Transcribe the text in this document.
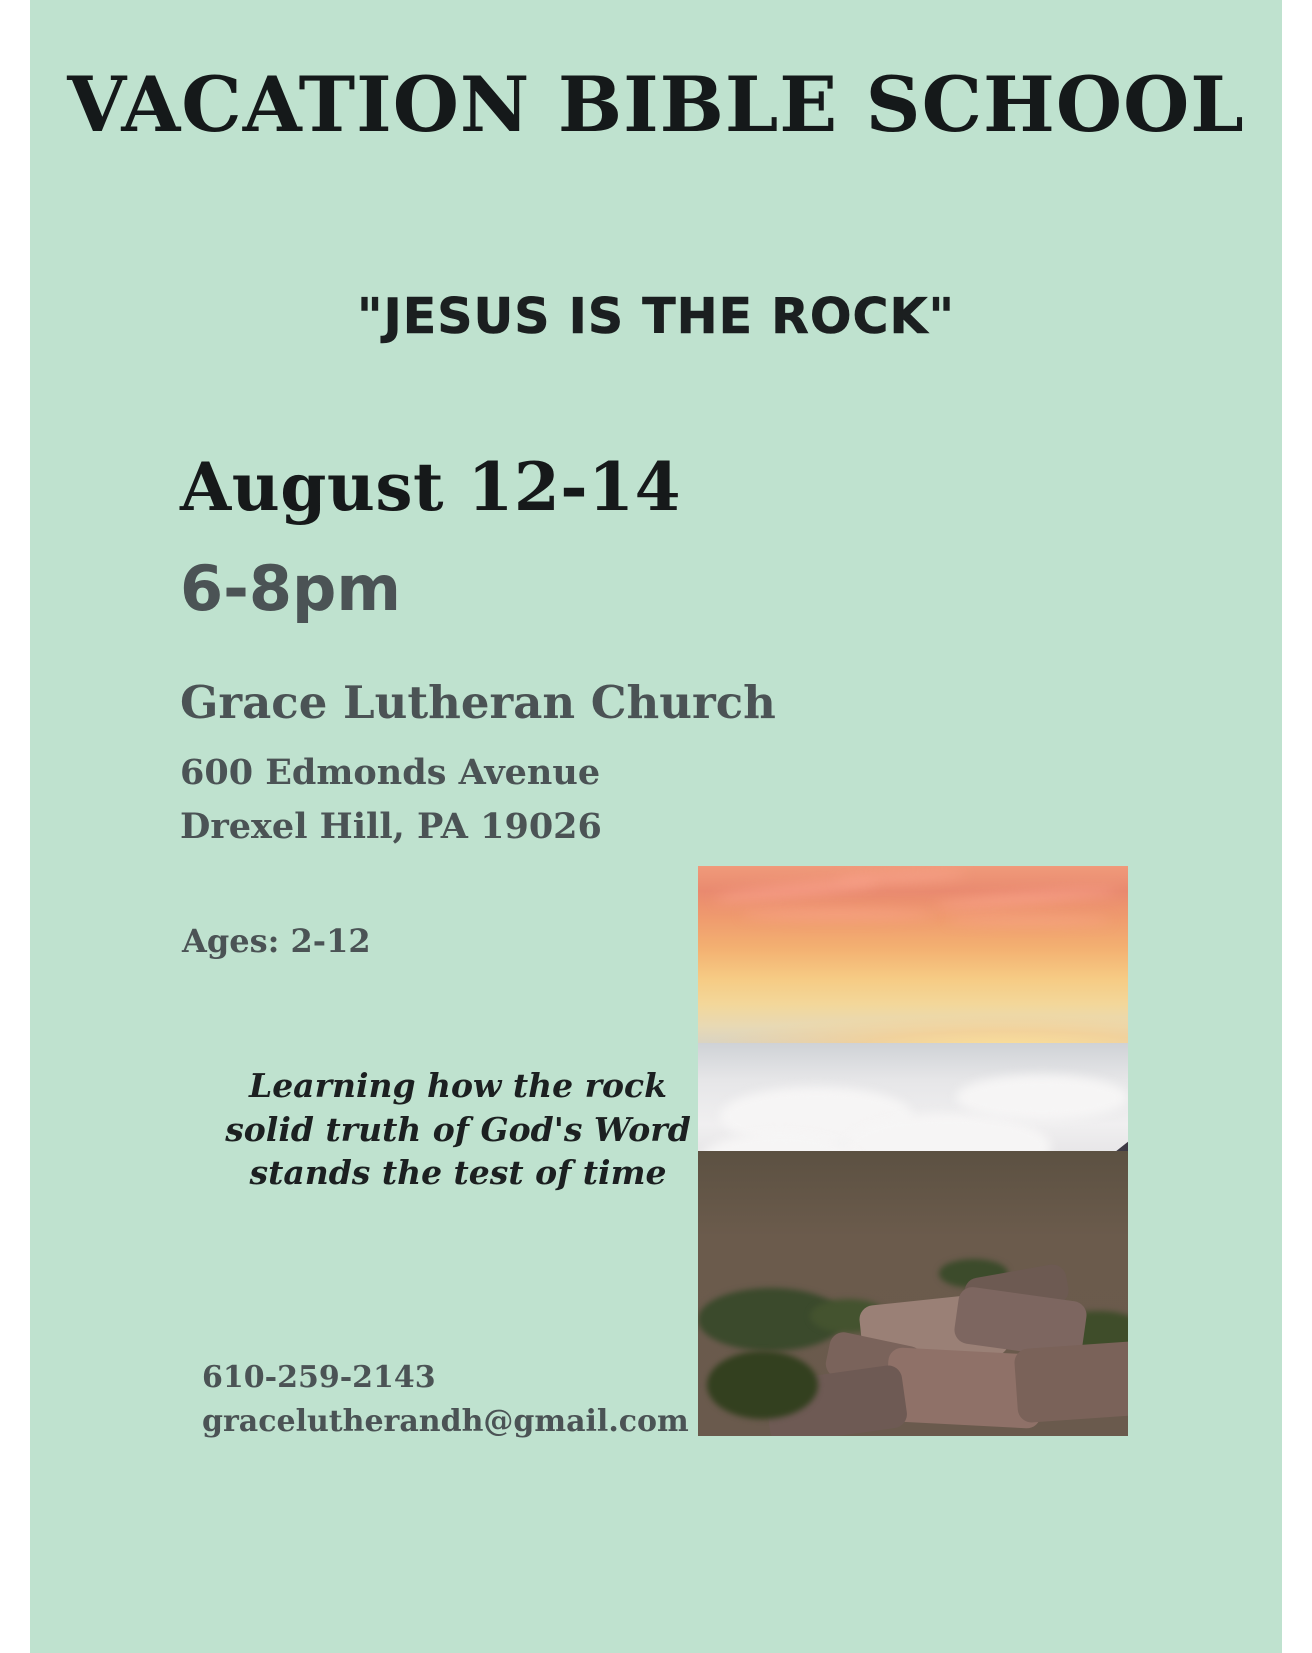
VACATION BIBLE SCHOOL
"JESUS IS THE ROCK"
August 12-14
6-8pm
Grace Lutheran Church
600 Edmonds Avenue
Drexel Hill, PA 19026
Ages: 2-12
Learning how the rock solid truth of God's Word stands the test of time
610-259-2143
gracelutherandh@gmail.com
